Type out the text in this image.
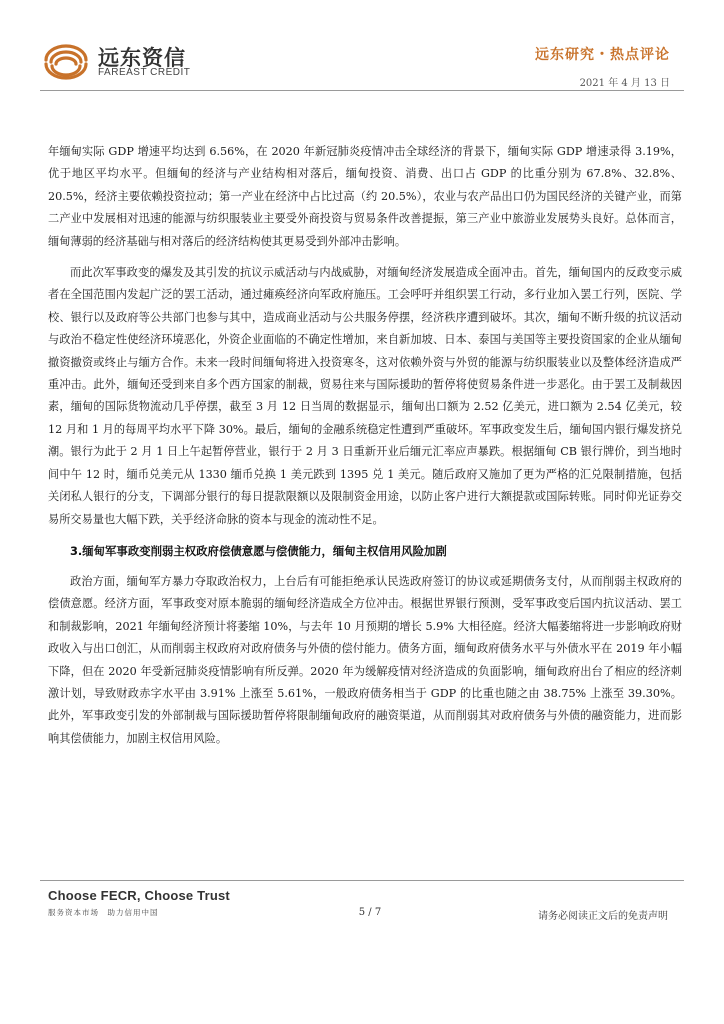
远东资信
FAREAST CREDIT
远东研究・热点评论
2021 年 4 月 13 日

年缅甸实际 GDP 增速平均达到 6.56%，在 2020 年新冠肺炎疫情冲击全球经济的背景下，缅甸实际 GDP 增速录得 3.19%，优于地区平均水平。但缅甸的经济与产业结构相对落后，缅甸投资、消费、出口占 GDP 的比重分别为 67.8%、32.8%、20.5%，经济主要依赖投资拉动；第一产业在经济中占比过高（约 20.5%），农业与农产品出口仍为国民经济的关键产业，而第二产业中发展相对迅速的能源与纺织服装业主要受外商投资与贸易条件改善提振，第三产业中旅游业发展势头良好。总体而言，缅甸薄弱的经济基础与相对落后的经济结构使其更易受到外部冲击影响。

而此次军事政变的爆发及其引发的抗议示威活动与内战威胁，对缅甸经济发展造成全面冲击。首先，缅甸国内的反政变示威者在全国范围内发起广泛的罢工活动，通过瘫痪经济向军政府施压。工会呼吁并组织罢工行动，多行业加入罢工行列，医院、学校、银行以及政府等公共部门也参与其中，造成商业活动与公共服务停摆，经济秩序遭到破坏。其次，缅甸不断升级的抗议活动与政治不稳定性使经济环境恶化，外资企业面临的不确定性增加，来自新加坡、日本、泰国与美国等主要投资国家的企业从缅甸撤资撤资或终止与缅方合作。未来一段时间缅甸将进入投资寒冬，这对依赖外资与外贸的能源与纺织服装业以及整体经济造成严重冲击。此外，缅甸还受到来自多个西方国家的制裁，贸易往来与国际援助的暂停将使贸易条件进一步恶化。由于罢工及制裁因素，缅甸的国际货物流动几乎停摆，截至 3 月 12 日当周的数据显示，缅甸出口额为 2.52 亿美元，进口额为 2.54 亿美元，较 12 月和 1 月的每周平均水平下降 30%。最后，缅甸的金融系统稳定性遭到严重破坏。军事政变发生后，缅甸国内银行爆发挤兑潮。银行为此于 2 月 1 日上午起暂停营业，银行于 2 月 3 日重新开业后缅元汇率应声暴跌。根据缅甸 CB 银行牌价，到当地时间中午 12 时，缅币兑美元从 1330 缅币兑换 1 美元跌到 1395 兑 1 美元。随后政府又施加了更为严格的汇兑限制措施，包括关闭私人银行的分支，下调部分银行的每日提款限额以及限制资金用途，以防止客户进行大额提款或国际转账。同时仰光证券交易所交易量也大幅下跌，关乎经济命脉的资本与现金的流动性不足。

3.缅甸军事政变削弱主权政府偿债意愿与偿债能力，缅甸主权信用风险加剧

政治方面，缅甸军方暴力夺取政治权力，上台后有可能拒绝承认民选政府签订的协议或延期债务支付，从而削弱主权政府的偿债意愿。经济方面，军事政变对原本脆弱的缅甸经济造成全方位冲击。根据世界银行预测，受军事政变后国内抗议活动、罢工和制裁影响，2021 年缅甸经济预计将萎缩 10%，与去年 10 月预期的增长 5.9% 大相径庭。经济大幅萎缩将进一步影响政府财政收入与出口创汇，从而削弱主权政府对政府债务与外债的偿付能力。债务方面，缅甸政府债务水平与外债水平在 2019 年小幅下降，但在 2020 年受新冠肺炎疫情影响有所反弹。2020 年为缓解疫情对经济造成的负面影响，缅甸政府出台了相应的经济刺激计划，导致财政赤字水平由 3.91% 上涨至 5.61%，一般政府债务相当于 GDP 的比重也随之由 38.75% 上涨至 39.30%。此外，军事政变引发的外部制裁与国际援助暂停将限制缅甸政府的融资渠道，从而削弱其对政府债务与外债的融资能力，进而影响其偿债能力，加剧主权信用风险。

Choose FECR, Choose Trust
服务资本市场　助力信用中国	5 / 7	请务必阅读正文后的免责声明
